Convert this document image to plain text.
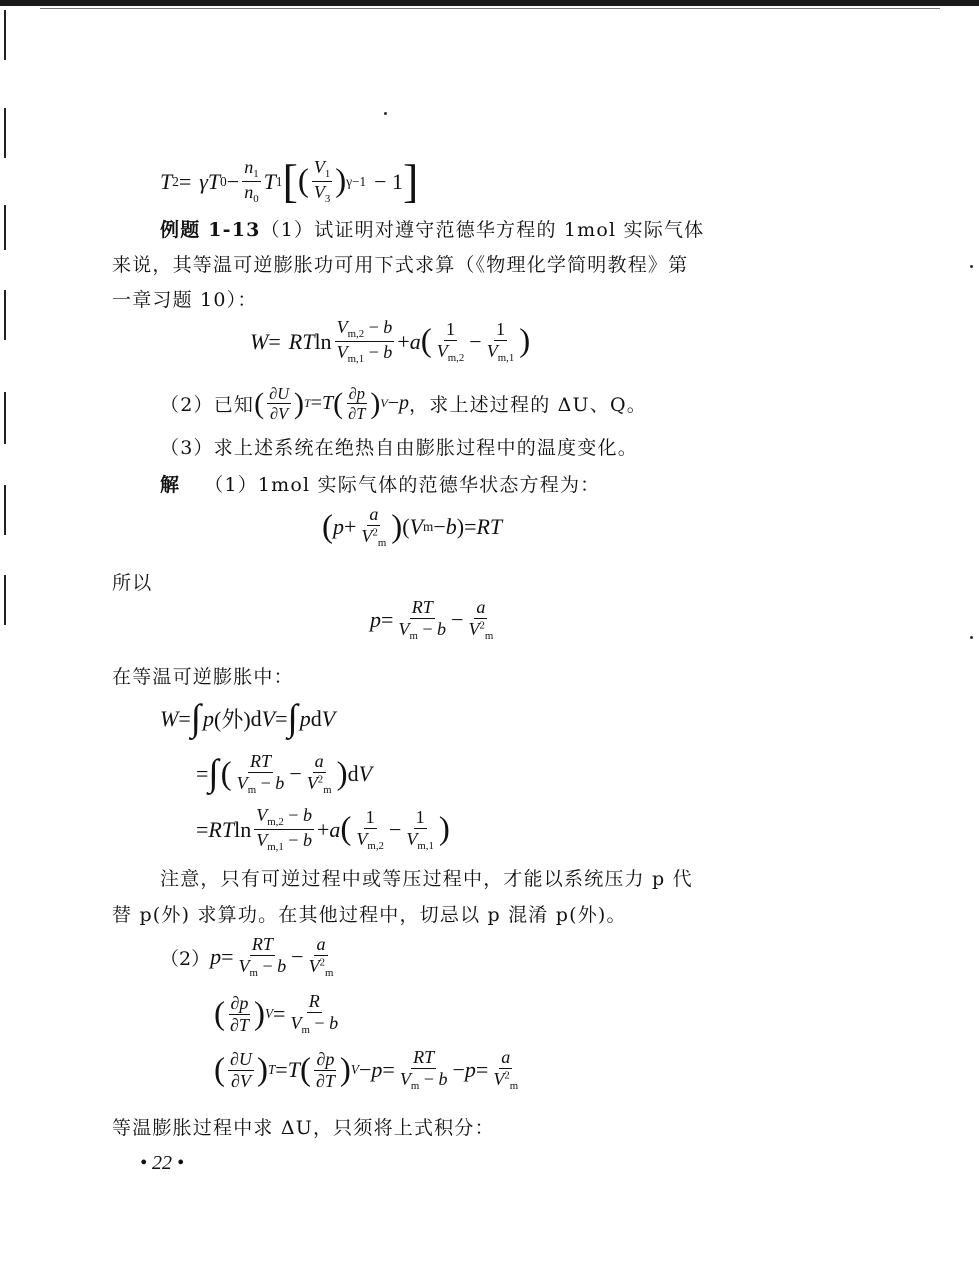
T 2 = γT $0 - \frac{n_1}{n_0}$ T 1 [ ( $\frac{V_1}{V_3}$ ) γ−1 − 1 ]
例题 1-13（1）试证明对遵守范德华方程的 1mol 实际气体
来说，其等温可逆膨胀功可用下式求算（《物理化学简明教程》第
一章习题 10）：
W = RT $\ln \frac{V_{m,2} - b}{V_{m,1} - b} + a$ ( $\frac{1}{V_{m,2}} - \frac{1}{V_{m,1}}$ )
（2）已知 ( $\frac{\partial U}{\partial V}$ ) T = T ( $\frac{\partial p}{\partial T}$ ) V − p ，求上述过程的 ΔU、Q。
（3）求上述系统在绝热自由膨胀过程中的温度变化。
解 （1）1mol 实际气体的范德华状态方程为：
( $p + \frac{a}{V^2_m}$ ) ( V m − b ) = RT
所以
$p = \frac{RT}{V_m - b} - \frac{a}{V^2_m}$
在等温可逆膨胀中：
W = ∫ p (外) d V = ∫ p d V
= ∫ ( $\frac{RT}{V_m - b} - \frac{a}{V^2_m}$ ) d V
= RT $\ln \frac{V_{m,2} - b}{V_{m,1} - b} + a$ ( $\frac{1}{V_{m,2}} - \frac{1}{V_{m,1}}$ )
注意，只有可逆过程中或等压过程中，才能以系统压力 p 代
替 p(外) 求算功。在其他过程中，切忌以 p 混淆 p(外)。
（2） $p = \frac{RT}{V_m - b} - \frac{a}{V^2_m}$
( $\frac{\partial p}{\partial T}$ ) $V = \frac{R}{V_m - b}$
( $\frac{\partial U}{\partial V}$ ) T = T ( $\frac{\partial p}{\partial T}$ ) $V - p = \frac{RT}{V_m - b} - p = \frac{a}{V^2_m}$
等温膨胀过程中求 ΔU，只须将上式积分：
• 22 •
